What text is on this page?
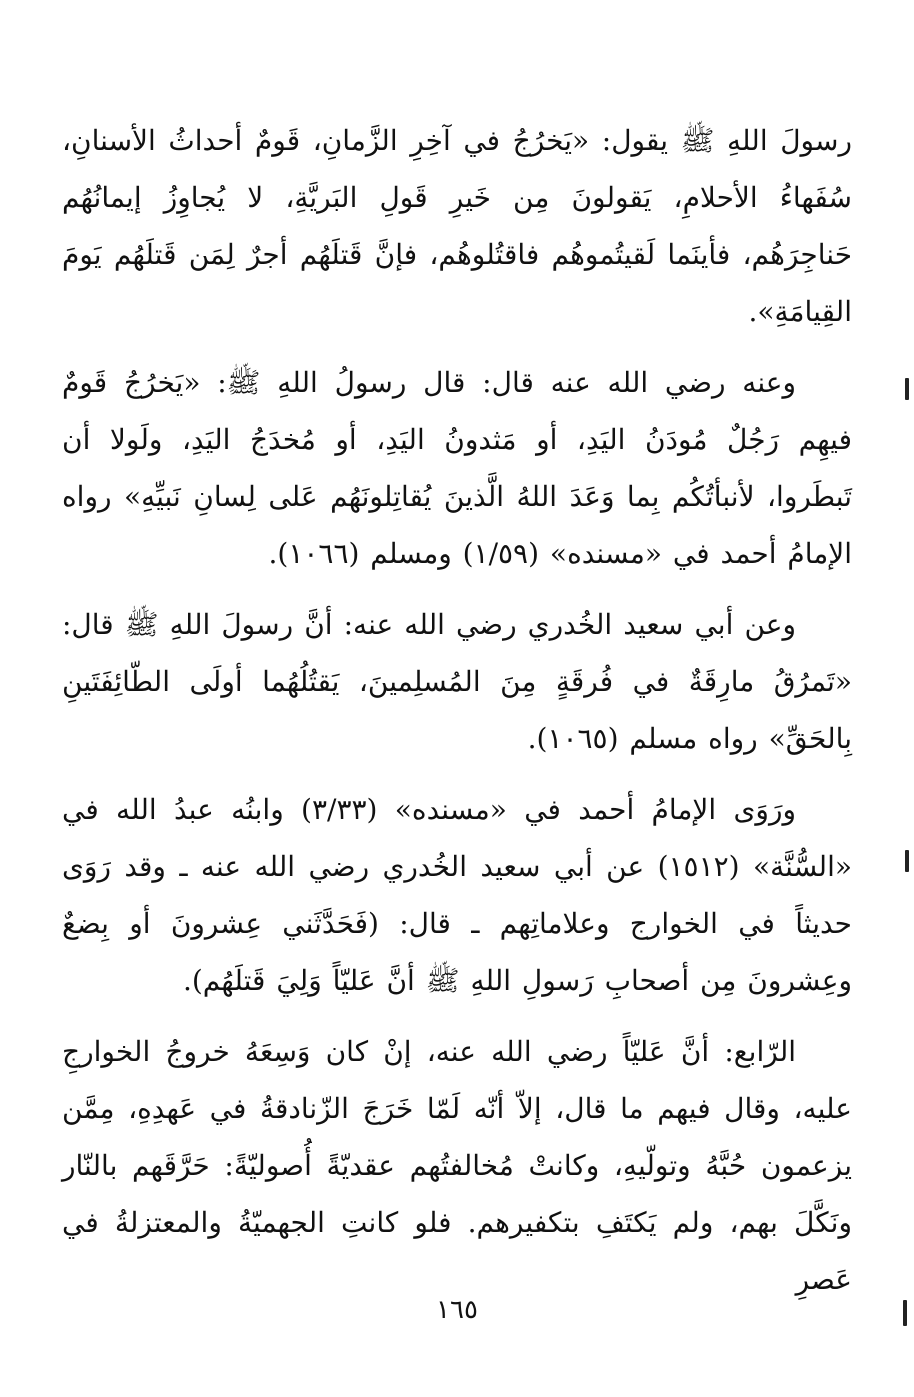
رسولَ اللهِ ﷺ يقول: «يَخرُجُ في آخِرِ الزَّمانِ، قَومٌ أحداثُ الأسنانِ، سُفَهاءُ الأحلامِ، يَقولونَ مِن خَيرِ قَولِ البَريَّةِ، لا يُجاوِزُ إيمانُهُم حَناجِرَهُم، فأينَما لَقيتُموهُم فاقتُلوهُم، فإنَّ قَتلَهُم أجرٌ لِمَن قَتلَهُم يَومَ القِيامَةِ».

وعنه رضي الله عنه قال: قال رسولُ اللهِ ﷺ: «يَخرُجُ قَومٌ فيهِم رَجُلٌ مُودَنُ اليَدِ، أو مَثدونُ اليَدِ، أو مُخدَجُ اليَدِ، ولَولا أن تَبطَروا، لأنبأتُكُم بِما وَعَدَ اللهُ الَّذينَ يُقاتِلونَهُم عَلى لِسانِ نَبيِّهِ» رواه الإمامُ أحمد في «مسنده» (١/٥٩) ومسلم (١٠٦٦).

وعن أبي سعيد الخُدري رضي الله عنه: أنَّ رسولَ اللهِ ﷺ قال: «تَمرُقُ مارِقَةٌ في فُرقَةٍ مِنَ المُسلِمينَ، يَقتُلُهُما أولَى الطّائِفَتَينِ بِالحَقِّ» رواه مسلم (١٠٦٥).

ورَوَى الإمامُ أحمد في «مسنده» (٣/٣٣) وابنُه عبدُ الله في «السُّنَّة» (١٥١٢) عن أبي سعيد الخُدري رضي الله عنه ـ وقد رَوَى حديثاً في الخوارج وعلاماتِهم ـ قال: (فَحَدَّثَني عِشرونَ أو بِضعٌ وعِشرونَ مِن أصحابِ رَسولِ اللهِ ﷺ أنَّ عَليّاً وَلِيَ قَتلَهُم).

الرّابع: أنَّ عَليّاً رضي الله عنه، إنْ كان وَسِعَهُ خروجُ الخوارجِ عليه، وقال فيهم ما قال، إلاّ أنّه لَمّا خَرَجَ الزّنادقةُ في عَهدِهِ، مِمَّن يزعمون حُبَّهُ وتولّيهِ، وكانتْ مُخالفتُهم عقديّةً أُصوليّةً: حَرَّقَهم بالنّار ونَكَّلَ بهم، ولم يَكتَفِ بتكفيرهم. فلو كانتِ الجهميّةُ والمعتزلةُ في عَصرِ

١٦٥
